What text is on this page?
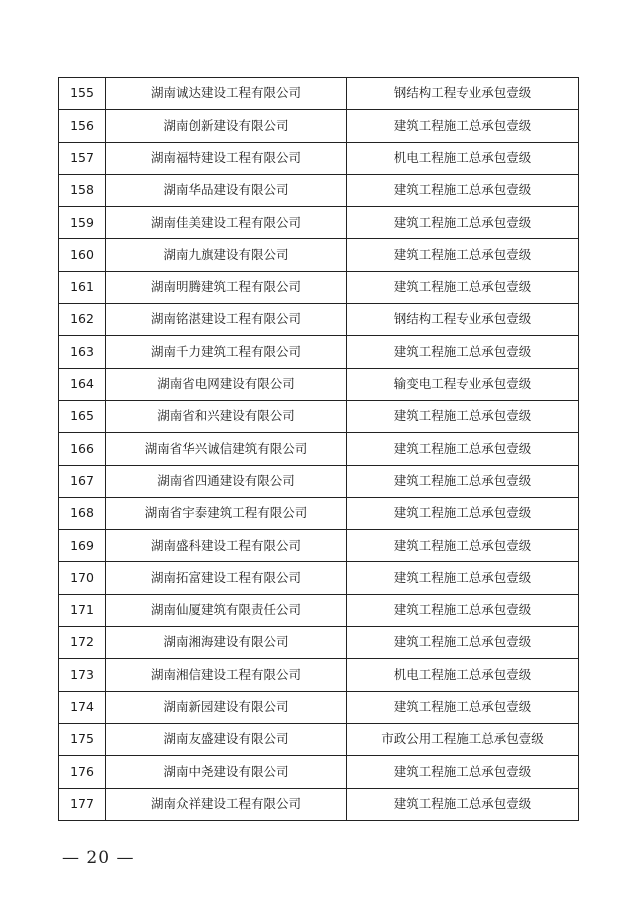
155	湖南诚达建设工程有限公司	钢结构工程专业承包壹级
156	湖南创新建设有限公司	建筑工程施工总承包壹级
157	湖南福特建设工程有限公司	机电工程施工总承包壹级
158	湖南华品建设有限公司	建筑工程施工总承包壹级
159	湖南佳美建设工程有限公司	建筑工程施工总承包壹级
160	湖南九旗建设有限公司	建筑工程施工总承包壹级
161	湖南明腾建筑工程有限公司	建筑工程施工总承包壹级
162	湖南铭湛建设工程有限公司	钢结构工程专业承包壹级
163	湖南千力建筑工程有限公司	建筑工程施工总承包壹级
164	湖南省电网建设有限公司	输变电工程专业承包壹级
165	湖南省和兴建设有限公司	建筑工程施工总承包壹级
166	湖南省华兴诚信建筑有限公司	建筑工程施工总承包壹级
167	湖南省四通建设有限公司	建筑工程施工总承包壹级
168	湖南省宇泰建筑工程有限公司	建筑工程施工总承包壹级
169	湖南盛科建设工程有限公司	建筑工程施工总承包壹级
170	湖南拓富建设工程有限公司	建筑工程施工总承包壹级
171	湖南仙厦建筑有限责任公司	建筑工程施工总承包壹级
172	湖南湘海建设有限公司	建筑工程施工总承包壹级
173	湖南湘信建设工程有限公司	机电工程施工总承包壹级
174	湖南新园建设有限公司	建筑工程施工总承包壹级
175	湖南友盛建设有限公司	市政公用工程施工总承包壹级
176	湖南中尧建设有限公司	建筑工程施工总承包壹级
177	湖南众祥建设工程有限公司	建筑工程施工总承包壹级
— 20 —
